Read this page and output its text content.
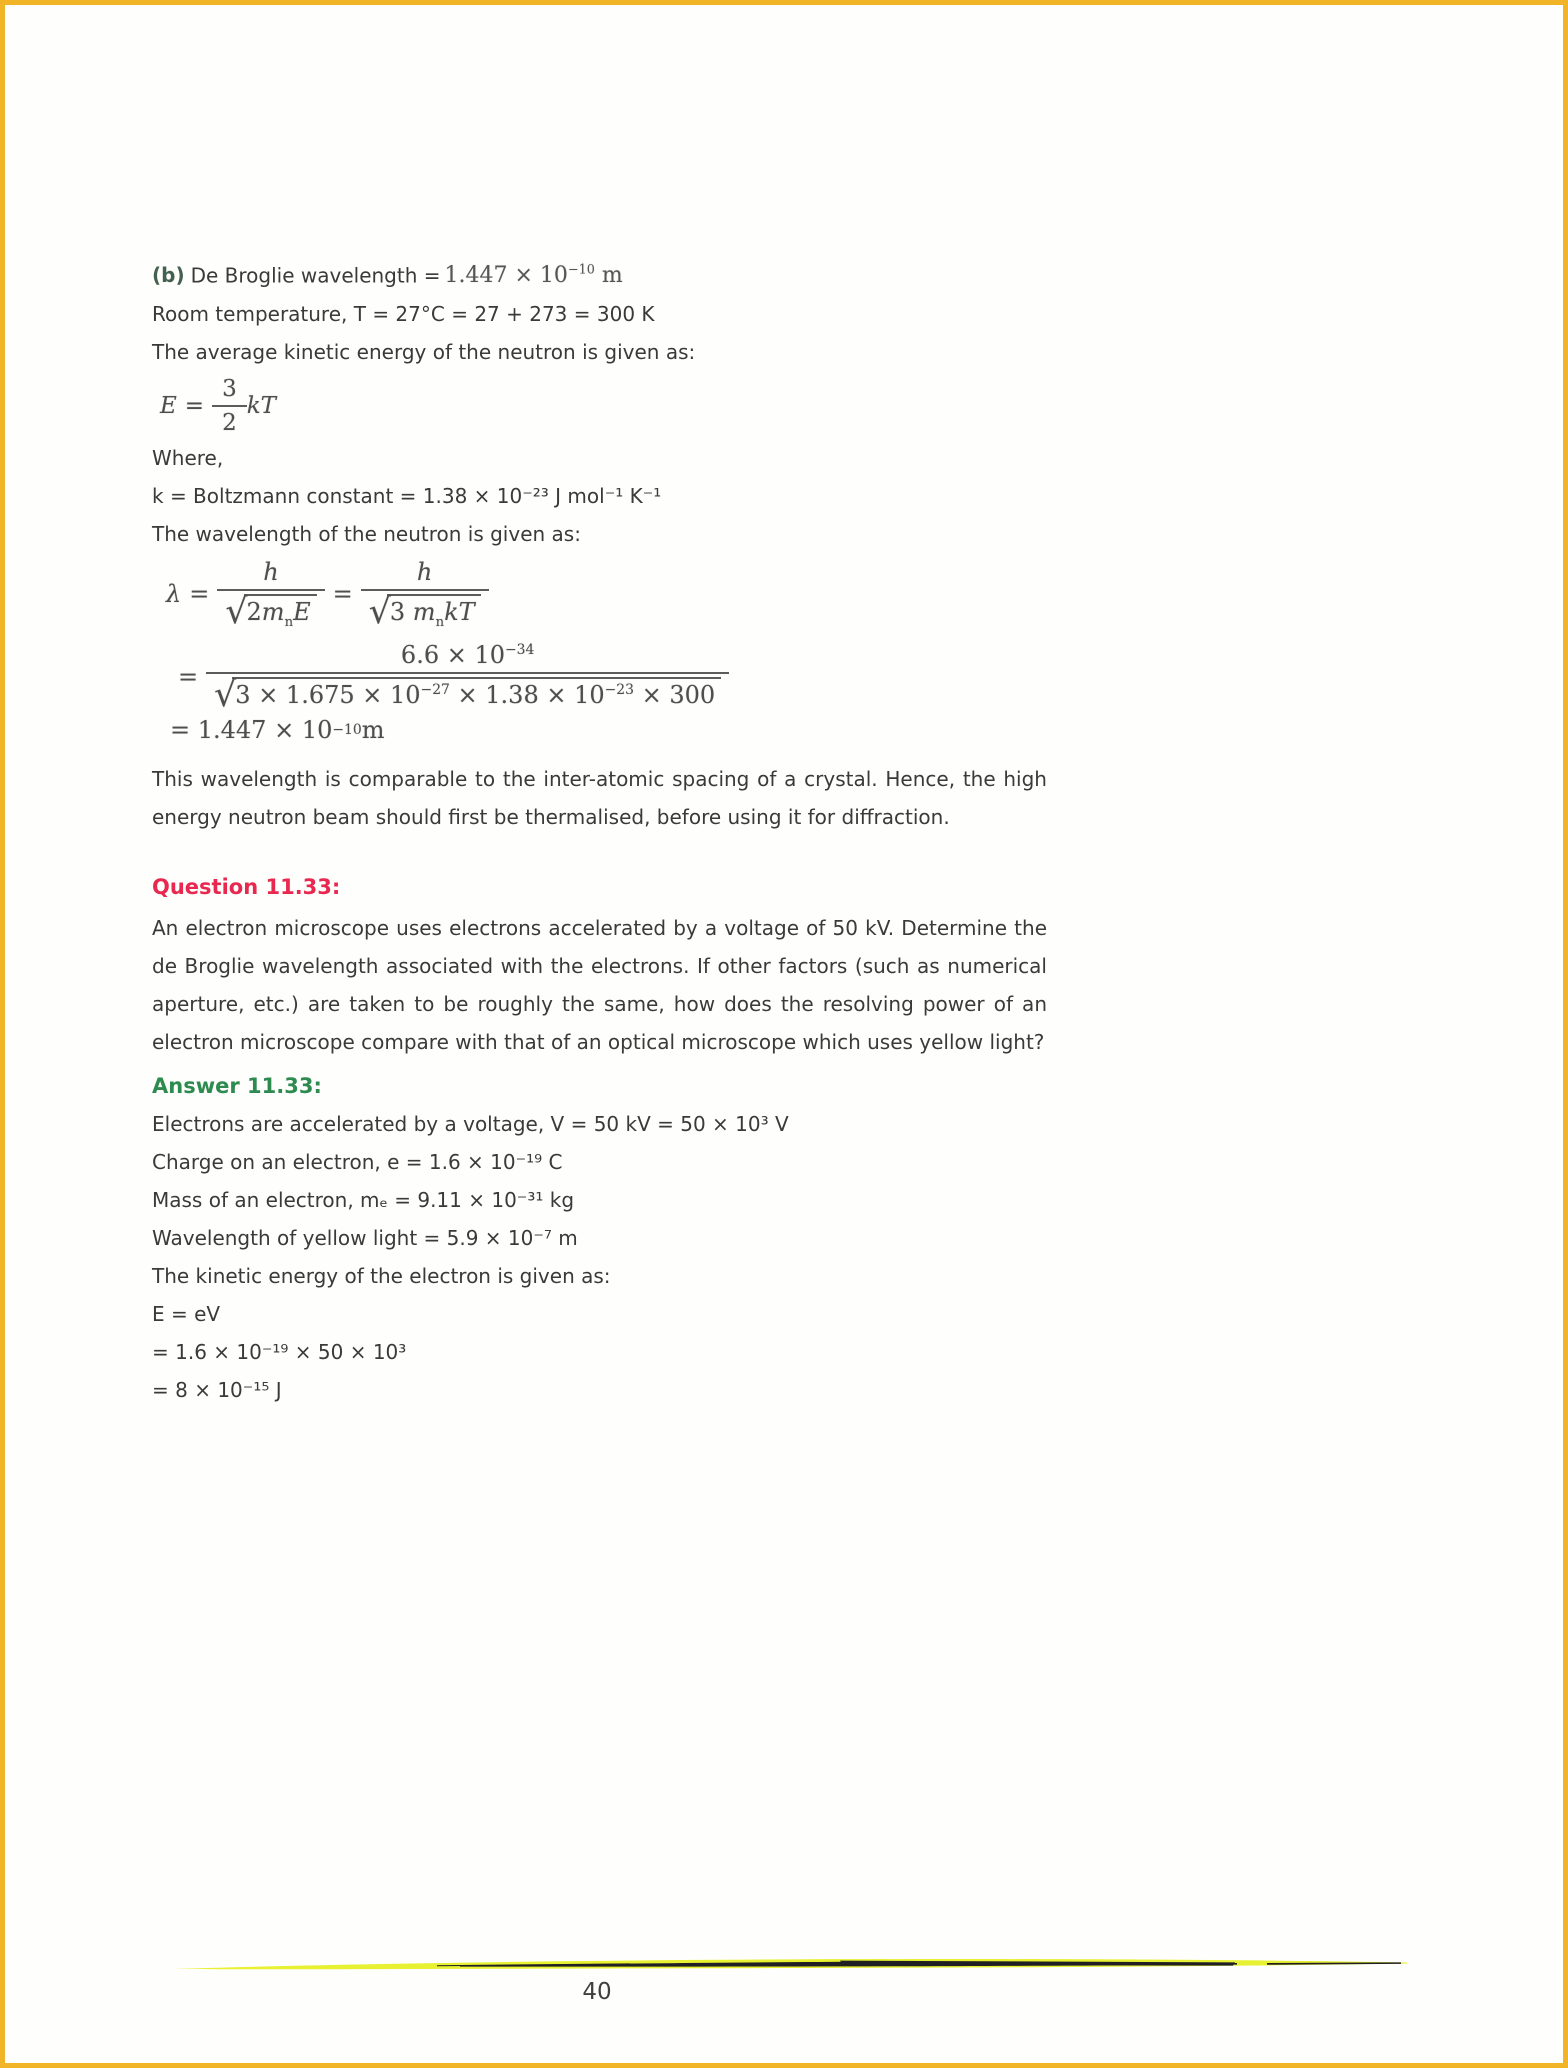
(b) De Broglie wavelength = $1.447 \times 10^{-10}$ m

Room temperature, T = 27°C = 27 + 273 = 300 K

The average kinetic energy of the neutron is given as:

$E = \frac{3}{2}$ kT

Where,

k = Boltzmann constant = 1.38 × 10⁻²³ J mol⁻¹ K⁻¹

The wavelength of the neutron is given as:

$\lambda = \frac{h}{√ 2m_nE} = \frac{h}{√ 3 m_nkT}$
= $\frac{6.6 \times 10^{-34}}{√ 3 \times 1.675 \times 10^{-27} \times 1.38 \times 10^{-23} \times 300}$
= 1.447 × 10 −10 m

This wavelength is comparable to the inter-atomic spacing of a crystal. Hence, the high energy neutron beam should first be thermalised, before using it for diffraction.

Question 11.33:

An electron microscope uses electrons accelerated by a voltage of 50 kV. Determine the de Broglie wavelength associated with the electrons. If other factors (such as numerical aperture, etc.) are taken to be roughly the same, how does the resolving power of an electron microscope compare with that of an optical microscope which uses yellow light?

Answer 11.33:

Electrons are accelerated by a voltage, V = 50 kV = 50 × 10³ V

Charge on an electron, e = 1.6 × 10⁻¹⁹ C

Mass of an electron, mₑ = 9.11 × 10⁻³¹ kg

Wavelength of yellow light = 5.9 × 10⁻⁷ m

The kinetic energy of the electron is given as:

E = eV

= 1.6 × 10⁻¹⁹ × 50 × 10³

= 8 × 10⁻¹⁵ J

40
